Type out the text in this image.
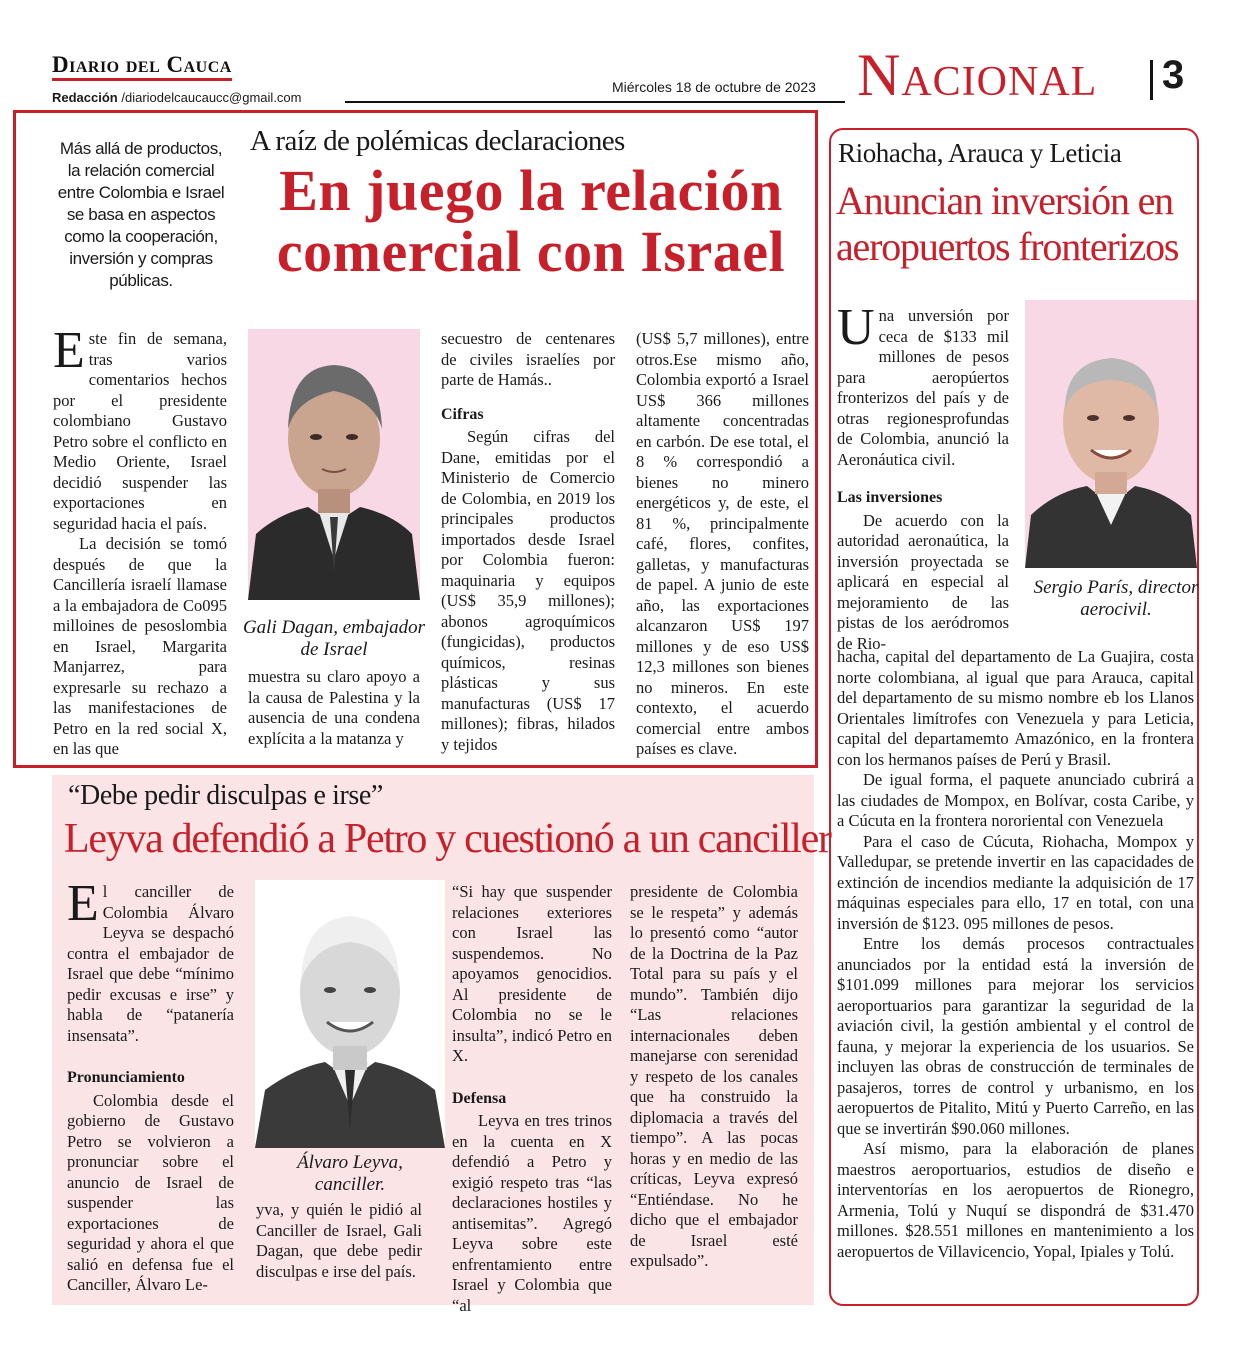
Diario del Cauca
Redacción /diariodelcaucaucc@gmail.com
Miércoles 18 de octubre de 2023 Nacional 3
Más allá de productos, la relación comercial entre Colombia e Israel se basa en aspectos como la cooperación, inversión y compras públicas.
A raíz de polémicas declaraciones
En juego la relación comercial con Israel
Gali Dagan, embajador de Israel

Este fin de semana, tras varios comentarios hechos por el presidente colombiano Gustavo Petro sobre el conflicto en Medio Oriente, Israel decidió suspender las exportaciones en seguridad hacia el país.

La decisión se tomó después de que la Cancillería israelí llamase a la embajadora de Co095 milloines de pesoslombia en Israel, Margarita Manjarrez, para expresarle su rechazo a las manifestaciones de Petro en la red social X, en las que

muestra su claro apoyo a la causa de Palestina y la ausencia de una condena explícita a la matanza y

secuestro de centenares de civiles israelíes por parte de Hamás..

Cifras

Según cifras del Dane, emitidas por el Ministerio de Comercio de Colombia, en 2019 los principales productos importados desde Israel por Colombia fueron: maquinaria y equipos (US$ 35,9 millones); abonos agroquímicos (fungicidas), productos químicos, resinas plásticas y sus manufacturas (US$ 17 millones); fibras, hilados y tejidos

(US$ 5,7 millones), entre otros.Ese mismo año, Colombia exportó a Israel US$ 366 millones altamente concentradas en carbón. De ese total, el 8 % correspondió a bienes no minero energéticos y, de este, el 81 %, principalmente café, flores, confites, galletas, y manufacturas de papel. A junio de este año, las exportaciones alcanzaron US$ 197 millones y de eso US$ 12,3 millones son bienes no mineros. En este contexto, el acuerdo comercial entre ambos países es clave.

Riohacha, Arauca y Leticia
Anuncian inversión en aeropuertos fronterizos
Sergio París, director aerocivil.

Una unversión por ceca de $133 mil millones de pesos para aeropúertos fronterizos del país y de otras regionesprofundas de Colombia, anunció la Aeronáutica civil.

Las inversiones

De acuerdo con la autoridad aeronaútica, la inversión proyectada se aplicará en especial al mejoramiento de las pistas de los aeródromos de Rio-

hacha, capital del departamento de La Guajira, costa norte colombiana, al igual que para Arauca, capital del departamento de su mismo nombre eb los Llanos Orientales limítrofes con Venezuela y para Leticia, capital del departamemto Amazónico, en la frontera con los hermanos países de Perú y Brasil.

De igual forma, el paquete anunciado cubrirá a las ciudades de Mompox, en Bolívar, costa Caribe, y a Cúcuta en la frontera nororiental con Venezuela

Para el caso de Cúcuta, Riohacha, Mompox y Valledupar, se pretende invertir en las capacidades de extinción de incendios mediante la adquisición de 17 máquinas especiales para ello, 17 en total, con una inversión de $123. 095 millones de pesos.

Entre los demás procesos contractuales anunciados por la entidad está la inversión de $101.099 millones para mejorar los servicios aeroportuarios para garantizar la seguridad de la aviación civil, la gestión ambiental y el control de fauna, y mejorar la experiencia de los usuarios. Se incluyen las obras de construcción de terminales de pasajeros, torres de control y urbanismo, en los aeropuertos de Pitalito, Mitú y Puerto Carreño, en las que se invertirán $90.060 millones.

Así mismo, para la elaboración de planes maestros aeroportuarios, estudios de diseño e interventorías en los aeropuertos de Rionegro, Armenia, Tolú y Nuquí se dispondrá de $31.470 millones. $28.551 millones en mantenimiento a los aeropuertos de Villavicencio, Yopal, Ipiales y Tolú.

“Debe pedir disculpas e irse”
Leyva defendió a Petro y cuestionó a un canciller
Álvaro Leyva, canciller.

El canciller de Colombia Álvaro Leyva se despachó contra el embajador de Israel que debe “mínimo pedir excusas e irse” y habla de “patanería insensata”.

Pronunciamiento

Colombia desde el gobierno de Gustavo Petro se volvieron a pronunciar sobre el anuncio de Israel de suspender las exportaciones de seguridad y ahora el que salió en defensa fue el Canciller, Álvaro Le-

yva, y quién le pidió al Canciller de Israel, Gali Dagan, que debe pedir disculpas e irse del país.

“Si hay que suspender relaciones exteriores con Israel las suspendemos. No apoyamos genocidios. Al presidente de Colombia no se le insulta”, indicó Petro en X.

Defensa

Leyva en tres trinos en la cuenta en X defendió a Petro y exigió respeto tras “las declaraciones hostiles y antisemitas”. Agregó Leyva sobre este enfrentamiento entre Israel y Colombia que “al

presidente de Colombia se le respeta” y además lo presentó como “autor de la Doctrina de la Paz Total para su país y el mundo”. También dijo “Las relaciones internacionales deben manejarse con serenidad y respeto de los canales que ha construido la diplomacia a través del tiempo”. A las pocas horas y en medio de las críticas, Leyva expresó “Entiéndase. No he dicho que el embajador de Israel esté expulsado”.
